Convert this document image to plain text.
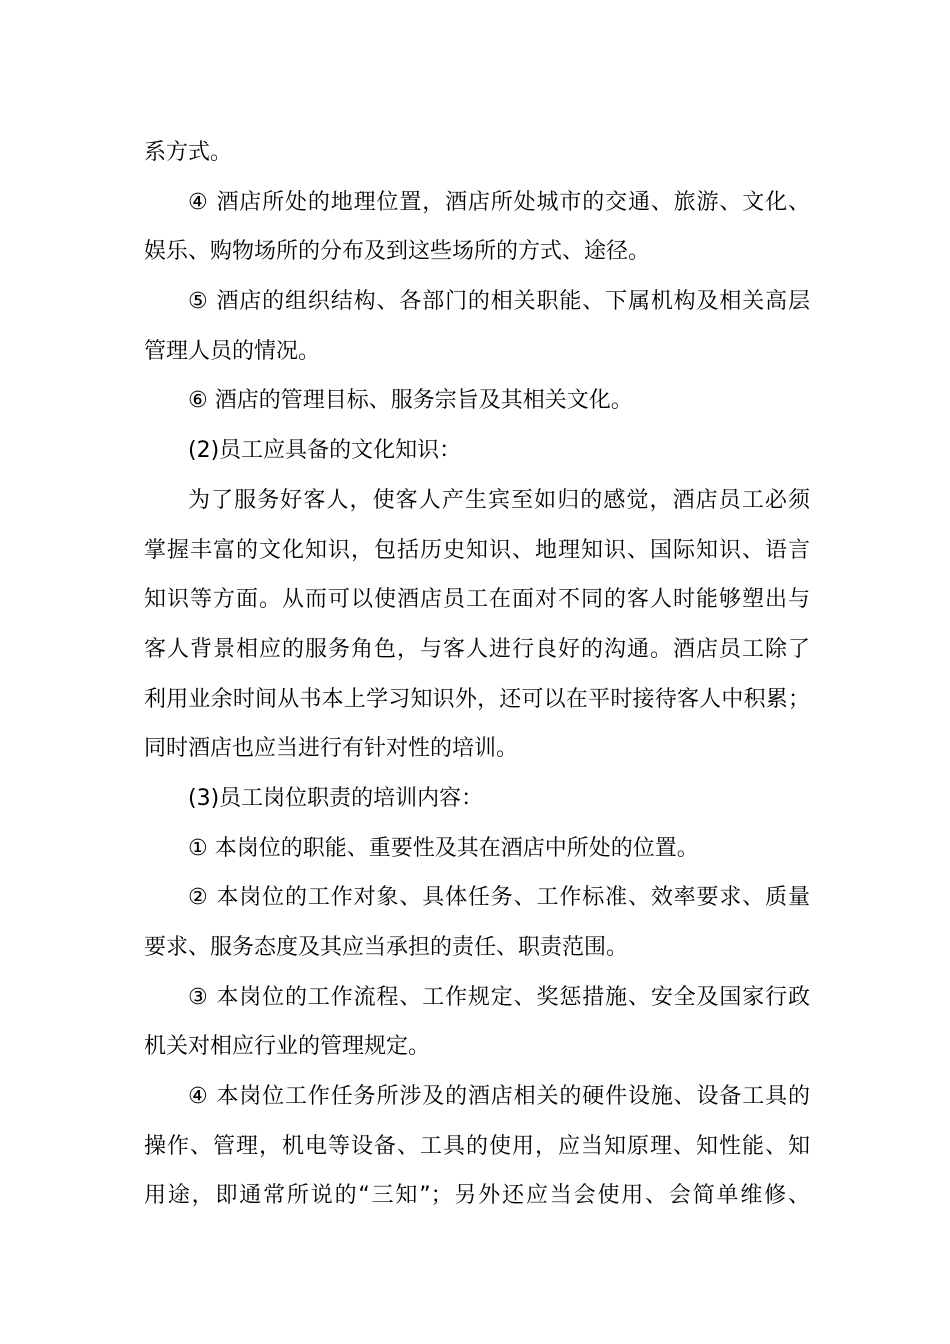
系方式。
④ 酒店所处的地理位置，酒店所处城市的交通、旅游、文化、
娱乐、购物场所的分布及到这些场所的方式、途径。
⑤ 酒店的组织结构、各部门的相关职能、下属机构及相关高层
管理人员的情况。
⑥ 酒店的管理目标、服务宗旨及其相关文化。
(2)员工应具备的文化知识：
为了服务好客人，使客人产生宾至如归的感觉，酒店员工必须
掌握丰富的文化知识，包括历史知识、地理知识、国际知识、语言
知识等方面。从而可以使酒店员工在面对不同的客人时能够塑出与
客人背景相应的服务角色，与客人进行良好的沟通。酒店员工除了
利用业余时间从书本上学习知识外，还可以在平时接待客人中积累；
同时酒店也应当进行有针对性的培训。
(3)员工岗位职责的培训内容：
① 本岗位的职能、重要性及其在酒店中所处的位置。
② 本岗位的工作对象、具体任务、工作标准、效率要求、质量
要求、服务态度及其应当承担的责任、职责范围。
③ 本岗位的工作流程、工作规定、奖惩措施、安全及国家行政
机关对相应行业的管理规定。
④ 本岗位工作任务所涉及的酒店相关的硬件设施、设备工具的
操作、管理，机电等设备、工具的使用，应当知原理、知性能、知
用途，即通常所说的“三知”；另外还应当会使用、会简单维修、
